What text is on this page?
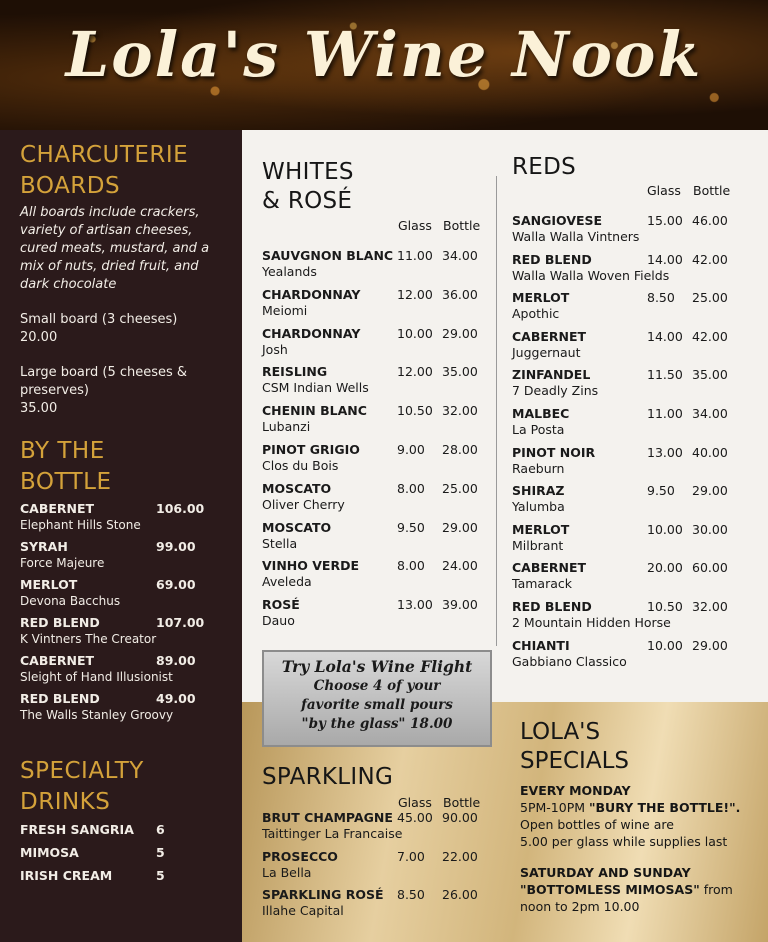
Lola's Wine Nook
CHARCUTERIE
BOARDS
All boards include crackers, variety of artisan cheeses, cured meats, mustard, and a mix of nuts, dried fruit, and dark chocolate
Small board (3 cheeses)
20.00
Large board (5 cheeses & preserves)
35.00
BY THE
BOTTLE
CABERNET	106.00
Elephant Hills Stone
SYRAH	99.00
Force Majeure
MERLOT	69.00
Devona Bacchus
RED BLEND	107.00
K Vintners The Creator
CABERNET	89.00
Sleight of Hand Illusionist
RED BLEND	49.00
The Walls Stanley Groovy
SPECIALTY
DRINKS
FRESH SANGRIA	6
MIMOSA	5
IRISH CREAM	5
WHITES
& ROSÉ
Glass Bottle
SAUVGNON BLANC 11.00 34.00
Yealands
CHARDONNAY	12.00 36.00
Meiomi
CHARDONNAY	10.00 29.00
Josh
REISLING	12.00 35.00
CSM Indian Wells
CHENIN BLANC 10.50 32.00
Lubanzi
PINOT GRIGIO	9.00 28.00
Clos du Bois
MOSCATO	8.00 25.00
Oliver Cherry
MOSCATO	9.50 29.00
Stella
VINHO VERDE	8.00 24.00
Aveleda
ROSÉ	13.00 39.00
Dauo
REDS
Glass Bottle
SANGIOVESE	15.00 46.00
Walla Walla Vintners
RED BLEND	14.00 42.00
Walla Walla Woven Fields
MERLOT	8.50 25.00
Apothic
CABERNET	14.00 42.00
Juggernaut
ZINFANDEL	11.50 35.00
7 Deadly Zins
MALBEC	11.00 34.00
La Posta
PINOT NOIR	13.00 40.00
Raeburn
SHIRAZ	9.50 29.00
Yalumba
MERLOT	10.00 30.00
Milbrant
CABERNET	20.00 60.00
Tamarack
RED BLEND	10.50 32.00
2 Mountain Hidden Horse
CHIANTI	10.00 29.00
Gabbiano Classico
Try Lola's Wine Flight
Choose 4 of your
favorite small pours
"by the glass" 18.00
SPARKLING
Glass Bottle
BRUT CHAMPAGNE 45.00 90.00
Taittinger La Francaise
PROSECCO	7.00 22.00
La Bella
SPARKLING ROSÉ 8.50 26.00
Illahe Capital
LOLA'S
SPECIALS
EVERY MONDAY
5PM-10PM "BURY THE BOTTLE!".
Open bottles of wine are
5.00 per glass while supplies last
SATURDAY AND SUNDAY
"BOTTOMLESS MIMOSAS" from
noon to 2pm 10.00
